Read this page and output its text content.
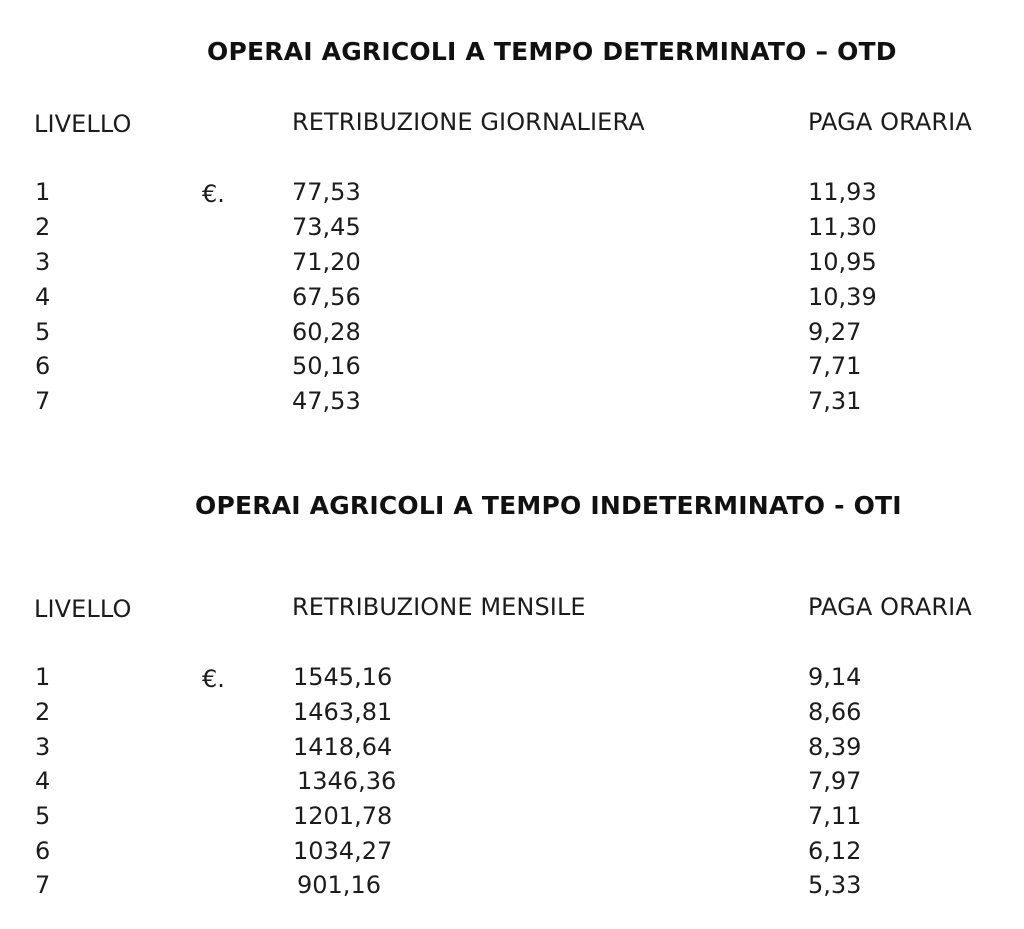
OPERAI AGRICOLI A TEMPO DETERMINATO – OTD
LIVELLO	RETRIBUZIONE GIORNALIERA	PAGA ORARIA
€.
1	77,53	11,93
2	73,45	11,30
3	71,20	10,95
4	67,56	10,39
5	60,28	9,27
6	50,16	7,71
7	47,53	7,31
OPERAI AGRICOLI A TEMPO INDETERMINATO - OTI
LIVELLO	RETRIBUZIONE MENSILE	PAGA ORARIA
€.
1	1545,16	9,14
2	1463,81	8,66
3	1418,64	8,39
4	1346,36	7,97
5	1201,78	7,11
6	1034,27	6,12
7	901,16	5,33
